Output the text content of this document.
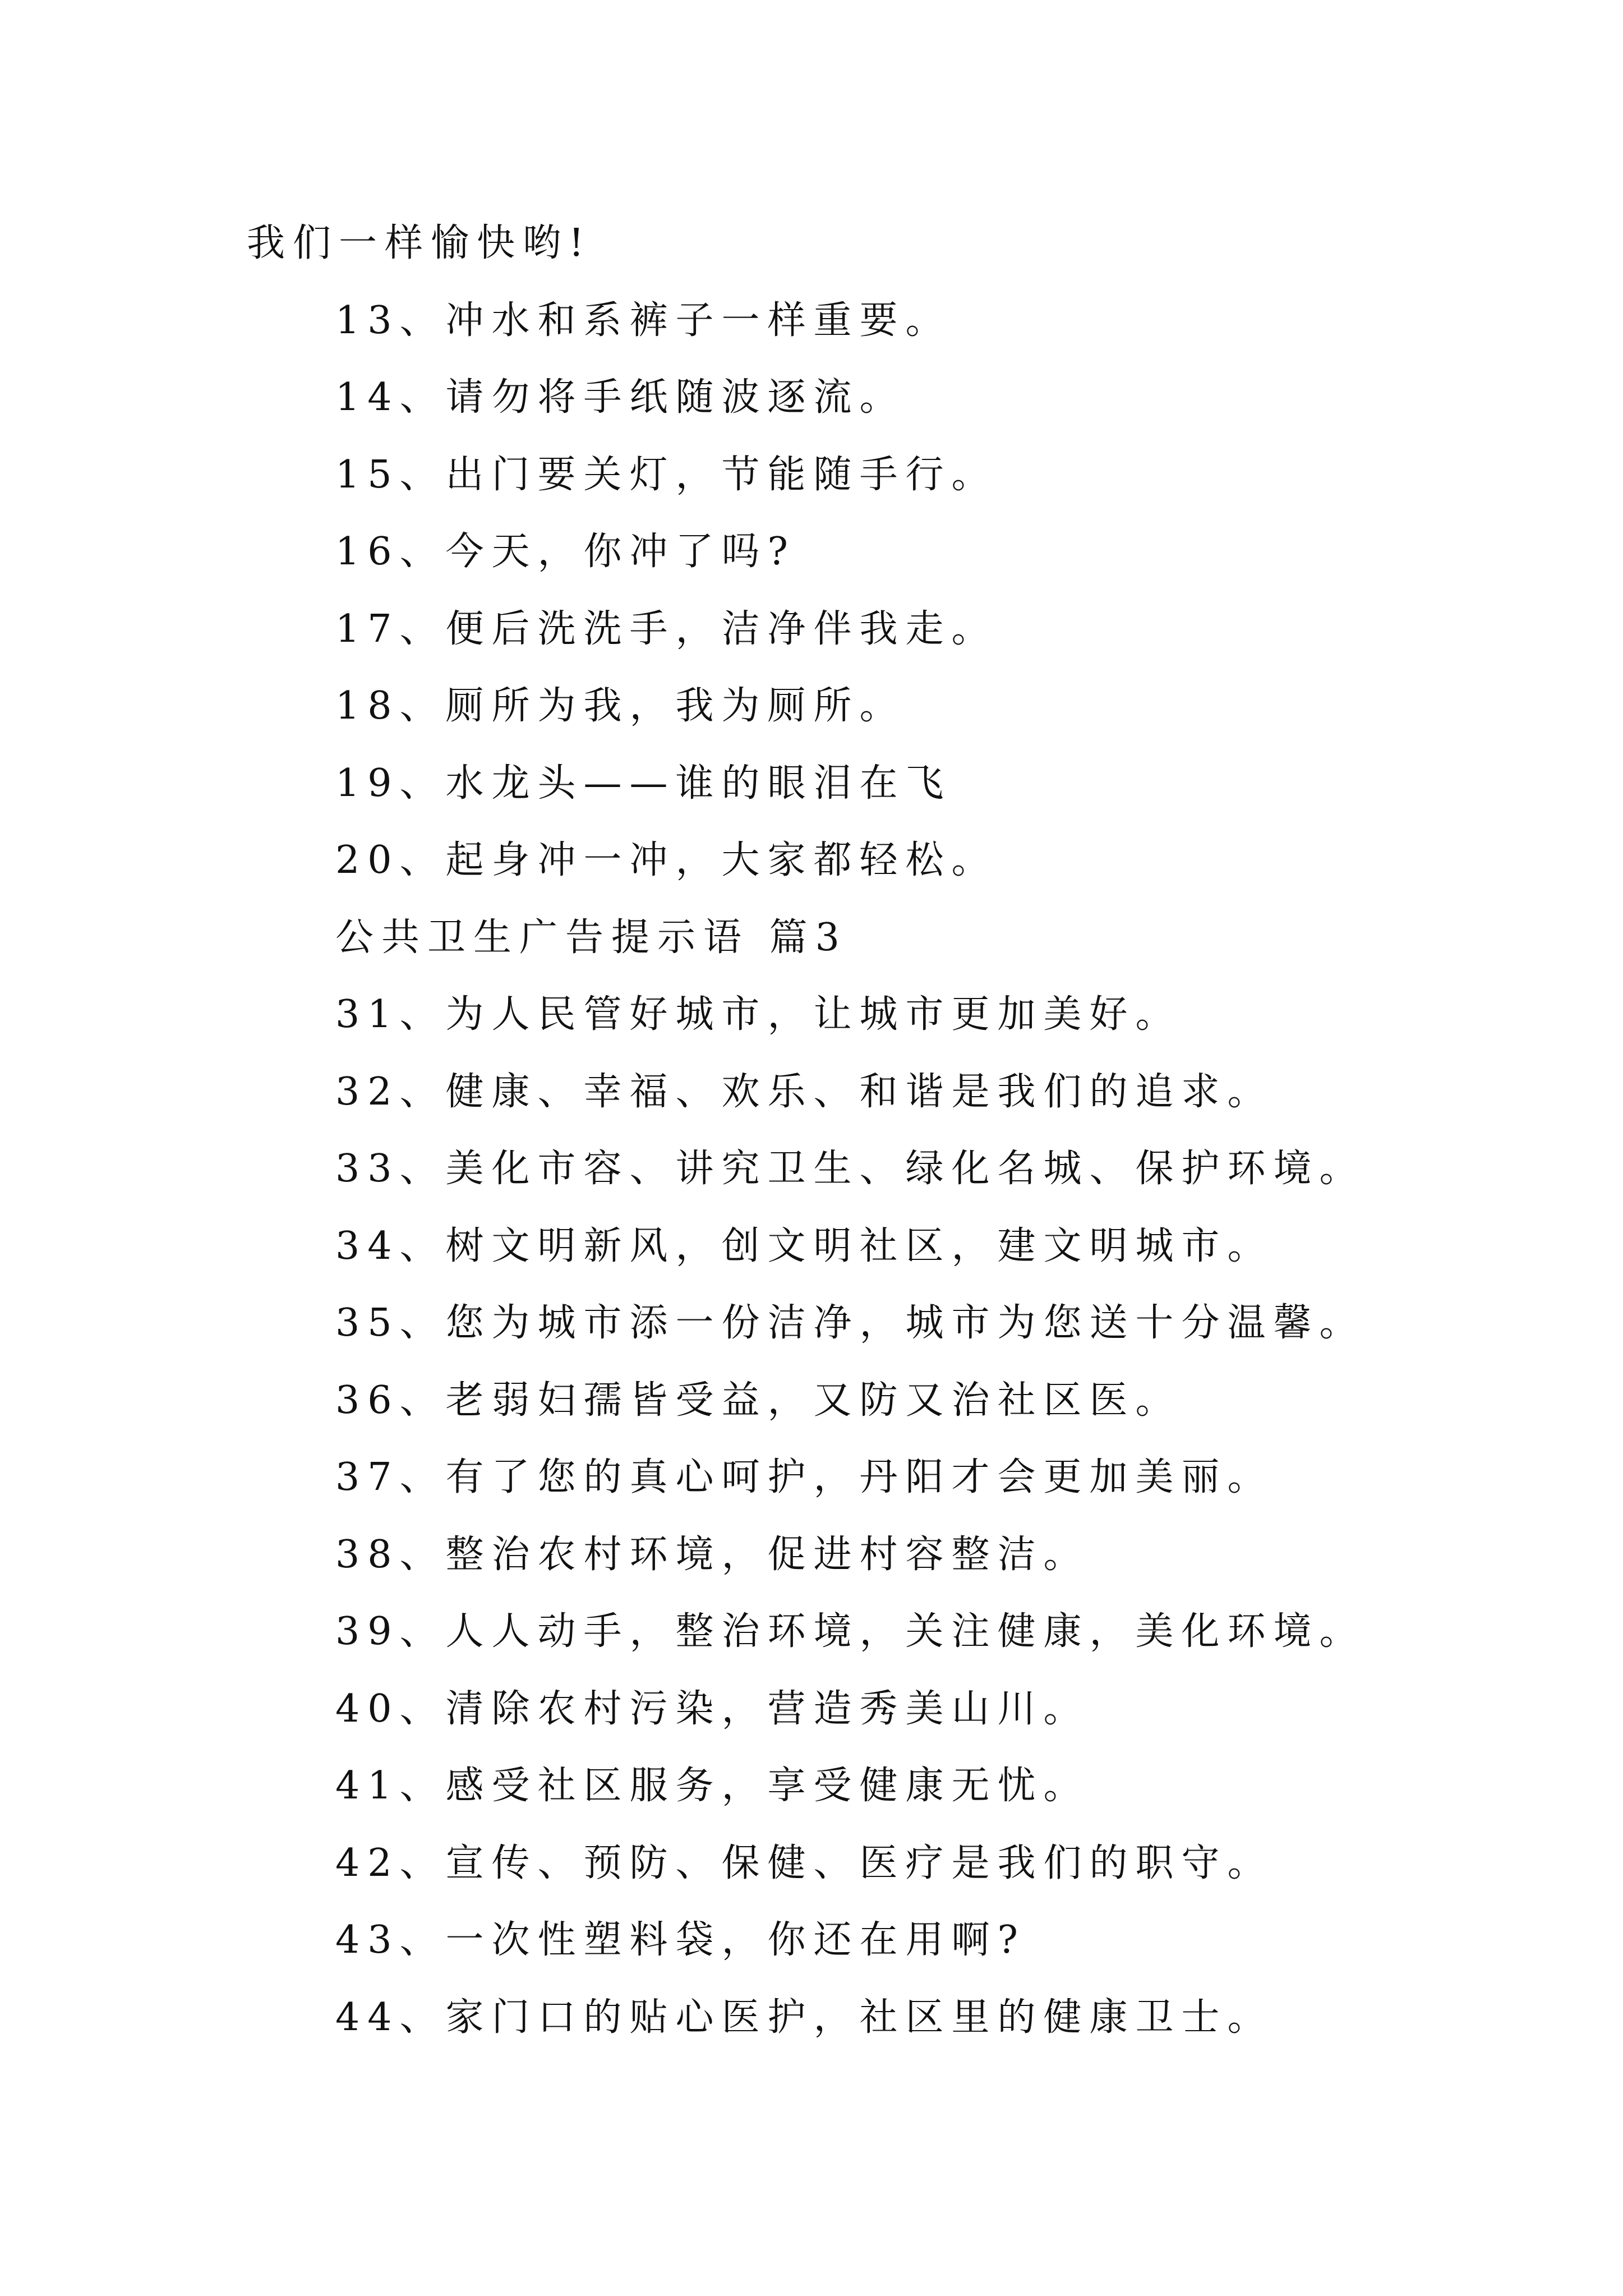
我们一样愉快哟!
13、冲水和系裤子一样重要。
14、请勿将手纸随波逐流。
15、出门要关灯，节能随手行。
16、今天，你冲了吗?
17、便后洗洗手，洁净伴我走。
18、厕所为我，我为厕所。
19、水龙头——谁的眼泪在飞
20、起身冲一冲，大家都轻松。
公共卫生广告提示语 篇3
31、为人民管好城市，让城市更加美好。
32、健康、幸福、欢乐、和谐是我们的追求。
33、美化市容、讲究卫生、绿化名城、保护环境。
34、树文明新风，创文明社区，建文明城市。
35、您为城市添一份洁净，城市为您送十分温馨。
36、老弱妇孺皆受益，又防又治社区医。
37、有了您的真心呵护，丹阳才会更加美丽。
38、整治农村环境，促进村容整洁。
39、人人动手，整治环境，关注健康，美化环境。
40、清除农村污染，营造秀美山川。
41、感受社区服务，享受健康无忧。
42、宣传、预防、保健、医疗是我们的职守。
43、一次性塑料袋，你还在用啊?
44、家门口的贴心医护，社区里的健康卫士。
